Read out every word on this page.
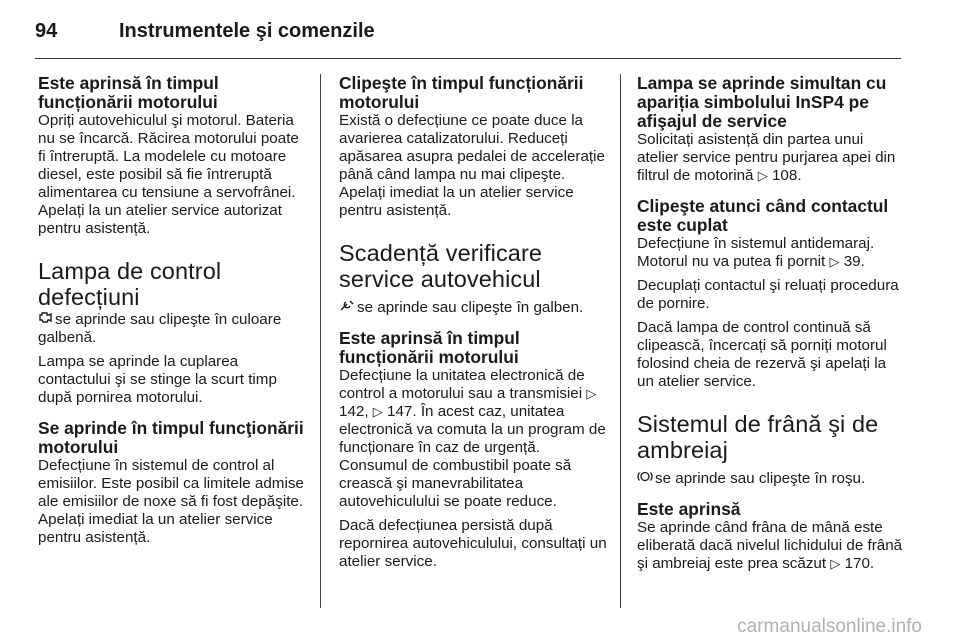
94	Instrumentele şi comenzile
Este aprinsă în timpul funcționării motorului

Opriți autovehiculul şi motorul. Bateria nu se încarcă. Răcirea motorului poate fi întreruptă. La modelele cu motoare diesel, este posibil să fie întreruptă alimentarea cu tensiune a servofrânei. Apelați la un atelier service autorizat pentru asistență.

Lampa de control defecțiuni

se aprinde sau clipeşte în culoare galbenă.

Lampa se aprinde la cuplarea contactului şi se stinge la scurt timp după pornirea motorului.

Se aprinde în timpul funcţionării motorului

Defecțiune în sistemul de control al emisiilor. Este posibil ca limitele admise ale emisiilor de noxe să fi fost depăşite. Apelați imediat la un atelier service pentru asistență.

Clipeşte în timpul funcționării motorului

Există o defecțiune ce poate duce la avarierea catalizatorului. Reduceți apăsarea asupra pedalei de accelerație până când lampa nu mai clipeşte. Apelați imediat la un atelier service pentru asistență.

Scadență verificare service autovehicul

se aprinde sau clipeşte în galben.

Este aprinsă în timpul funcționării motorului

Defecțiune la unitatea electronică de control a motorului sau a transmisiei ▷ 142, ▷ 147. În acest caz, unitatea electronică va comuta la un program de funcționare în caz de urgență. Consumul de combustibil poate să crească şi manevrabilitatea autovehiculului se poate reduce.

Dacă defecțiunea persistă după repornirea autovehiculului, consultați un atelier service.

Lampa se aprinde simultan cu apariția simbolului InSP4 pe afişajul de service

Solicitați asistență din partea unui atelier service pentru purjarea apei din filtrul de motorină ▷ 108.

Clipeşte atunci când contactul este cuplat

Defecțiune în sistemul antidemaraj. Motorul nu va putea fi pornit ▷ 39.

Decuplați contactul şi reluați procedura de pornire.

Dacă lampa de control continuă să clipească, încercați să porniți motorul folosind cheia de rezervă şi apelați la un atelier service.

Sistemul de frână şi de ambreiaj

se aprinde sau clipeşte în roşu.

Este aprinsă

Se aprinde când frâna de mână este eliberată dacă nivelul lichidului de frână şi ambreiaj este prea scăzut ▷ 170.

carmanualsonline.info
